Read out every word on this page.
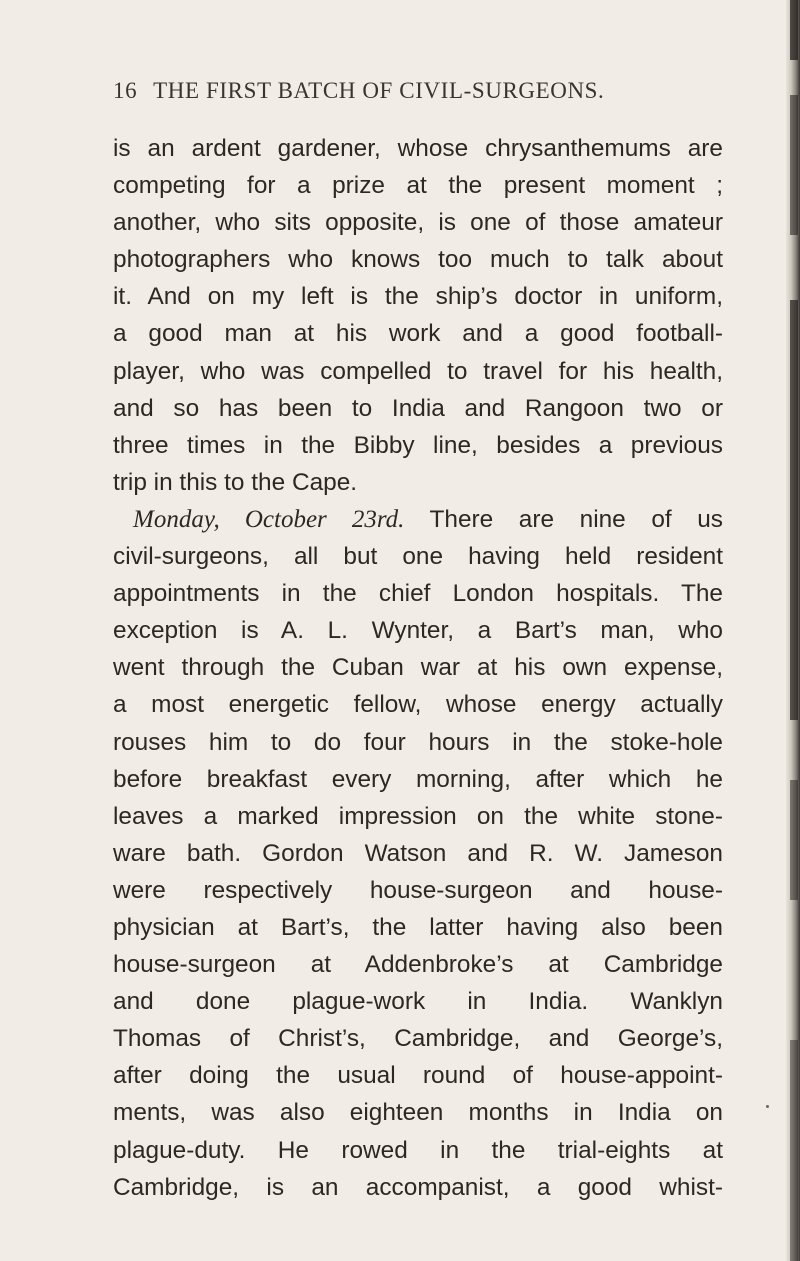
16 THE FIRST BATCH OF CIVIL-SURGEONS.
is an ardent gardener, whose chrysanthemums are
competing for a prize at the present moment ;
another, who sits opposite, is one of those amateur
photographers who knows too much to talk about
it. And on my left is the ship’s doctor in uniform,
a good man at his work and a good football-
player, who was compelled to travel for his health,
and so has been to India and Rangoon two or
three times in the Bibby line, besides a previous
trip in this to the Cape.
Monday, October 23rd. There are nine of us
civil-surgeons, all but one having held resident
appointments in the chief London hospitals. The
exception is A. L. Wynter, a Bart’s man, who
went through the Cuban war at his own expense,
a most energetic fellow, whose energy actually
rouses him to do four hours in the stoke-hole
before breakfast every morning, after which he
leaves a marked impression on the white stone-
ware bath. Gordon Watson and R. W. Jameson
were respectively house-surgeon and house-
physician at Bart’s, the latter having also been
house-surgeon at Addenbroke’s at Cambridge
and done plague-work in India. Wanklyn
Thomas of Christ’s, Cambridge, and George’s,
after doing the usual round of house-appoint-
ments, was also eighteen months in India on
plague-duty. He rowed in the trial-eights at
Cambridge, is an accompanist, a good whist-
